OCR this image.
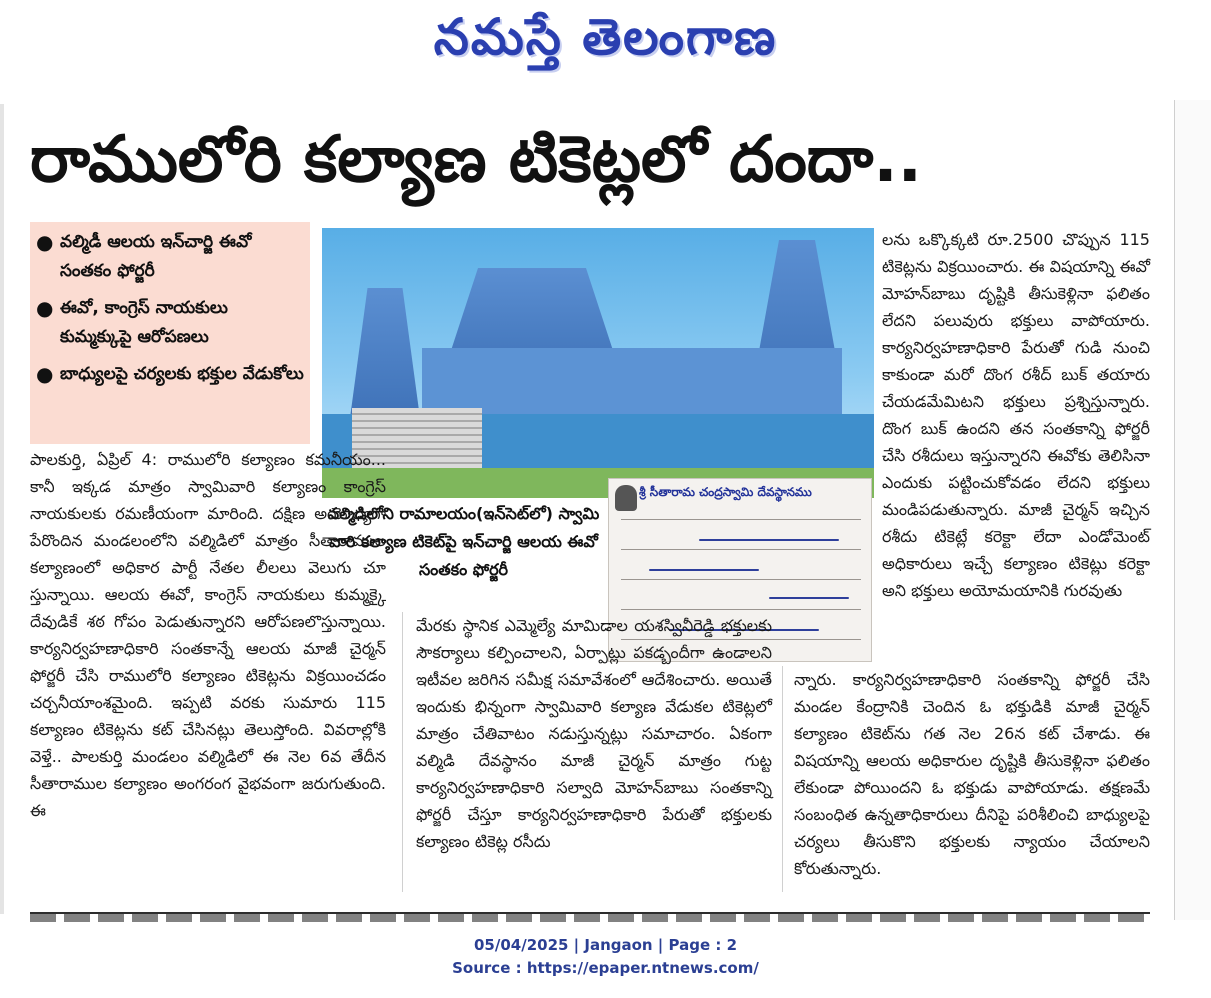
నమస్తే తెలంగాణ
రాములోరి కల్యాణ టికెట్లలో దందా..
● వల్మిడీ ఆలయ ఇన్‌చార్జి ఈవో సంతకం ఫోర్జరీ
● ఈవో, కాంగ్రెస్ నాయకులు కుమ్మక్కుపై ఆరోపణలు
● బాధ్యులపై చర్యలకు భక్తుల వేడుకోలు
వల్మిడిలోని రామాలయం(ఇన్‌సెట్‌లో) స్వామి వారి కల్యాణ టికెట్‌పై ఇన్‌చార్జి ఆలయ ఈవో సంతకం ఫోర్జరీ
శ్రీ సీతారామ చంద్రస్వామి దేవస్థానము

పాలకుర్తి, ఏప్రిల్ 4: రాములోరి కల్యాణం కమనీయం... కానీ ఇక్కడ మాత్రం స్వామివారి కల్యాణం కాంగ్రెస్ నాయకులకు రమణీయంగా మారింది. దక్షిణ అయోధ్యగా పేరొందిన మండలంలోని వల్మిడిలో మాత్రం సీతారాముల కల్యాణంలో అధికార పార్టీ నేతల లీలలు వెలుగు చూ స్తున్నాయి. ఆలయ ఈవో, కాంగ్రెస్ నాయకులు కుమ్మక్కై దేవుడికే శఠ గోపం పెడుతున్నారని ఆరోపణలొస్తున్నాయి. కార్యనిర్వహణాధికారి సంతకాన్నే ఆలయ మాజీ చైర్మన్ ఫోర్జరీ చేసి రాములోరి కల్యాణం టికెట్లను విక్రయించడం చర్చనీయాంశమైంది. ఇప్పటి వరకు సుమారు 115 కల్యాణం టికెట్లను కట్ చేసినట్లు తెలుస్తోంది. వివరాల్లోకి వెళ్తే.. పాలకుర్తి మండలం వల్మిడిలో ఈ నెల 6వ తేదీన సీతారాముల కల్యాణం అంగరంగ వైభవంగా జరుగుతుంది. ఈ

మేరకు స్థానిక ఎమ్మెల్యే మామిడాల యశస్వినీరెడ్డి భక్తులకు సౌకర్యాలు కల్పించాలని, ఏర్పాట్లు పకడ్బందీగా ఉండాలని ఇటీవల జరిగిన సమీక్ష సమావేశంలో ఆదేశించారు. అయితే ఇందుకు భిన్నంగా స్వామివారి కల్యాణ వేడుకల టికెట్లలో మాత్రం చేతివాటం నడుస్తున్నట్లు సమాచారం. ఏకంగా వల్మిడి దేవస్థానం మాజీ చైర్మన్ మాత్రం గుట్ట కార్యనిర్వహణాధికారి సల్వాది మోహన్‌బాబు సంతకాన్ని ఫోర్జరీ చేస్తూ కార్యనిర్వహణాధికారి పేరుతో భక్తులకు కల్యాణం టికెట్ల రసీదు

లను ఒక్కొక్కటి రూ.2500 చొప్పున 115 టికెట్లను విక్రయించారు. ఈ విషయాన్ని ఈవో మోహన్‌బాబు దృష్టికి తీసుకెళ్లినా ఫలితం లేదని పలువురు భక్తులు వాపోయారు. కార్యనిర్వహణాధికారి పేరుతో గుడి నుంచి కాకుండా మరో దొంగ రశీద్ బుక్ తయారు చేయడమేమిటని భక్తులు ప్రశ్నిస్తున్నారు. దొంగ బుక్ ఉందని తన సంతకాన్ని ఫోర్జరీ చేసి రశీదులు ఇస్తున్నారని ఈవోకు తెలిసినా ఎందుకు పట్టించుకోవడం లేదని భక్తులు మండిపడుతున్నారు. మాజీ చైర్మన్ ఇచ్చిన రశీదు టికెట్లే కరెక్టా లేదా ఎండోమెంట్ అధికారులు ఇచ్చే కల్యాణం టికెట్లు కరెక్టా అని భక్తులు అయోమయానికి గురవుతు

న్నారు. కార్యనిర్వహణాధికారి సంతకాన్ని ఫోర్జరీ చేసి మండల కేంద్రానికి చెందిన ఓ భక్తుడికి మాజీ చైర్మన్ కల్యాణం టికెట్‌ను గత నెల 26న కట్ చేశాడు. ఈ విషయాన్ని ఆలయ అధికారుల దృష్టికి తీసుకెళ్లినా ఫలితం లేకుండా పోయిందని ఓ భక్తుడు వాపోయాడు. తక్షణమే సంబంధిత ఉన్నతాధికారులు దీనిపై పరిశీలించి బాధ్యులపై చర్యలు తీసుకొని భక్తులకు న్యాయం చేయాలని కోరుతున్నారు.

05/04/2025 | Jangaon | Page : 2
Source : https://epaper.ntnews.com/
